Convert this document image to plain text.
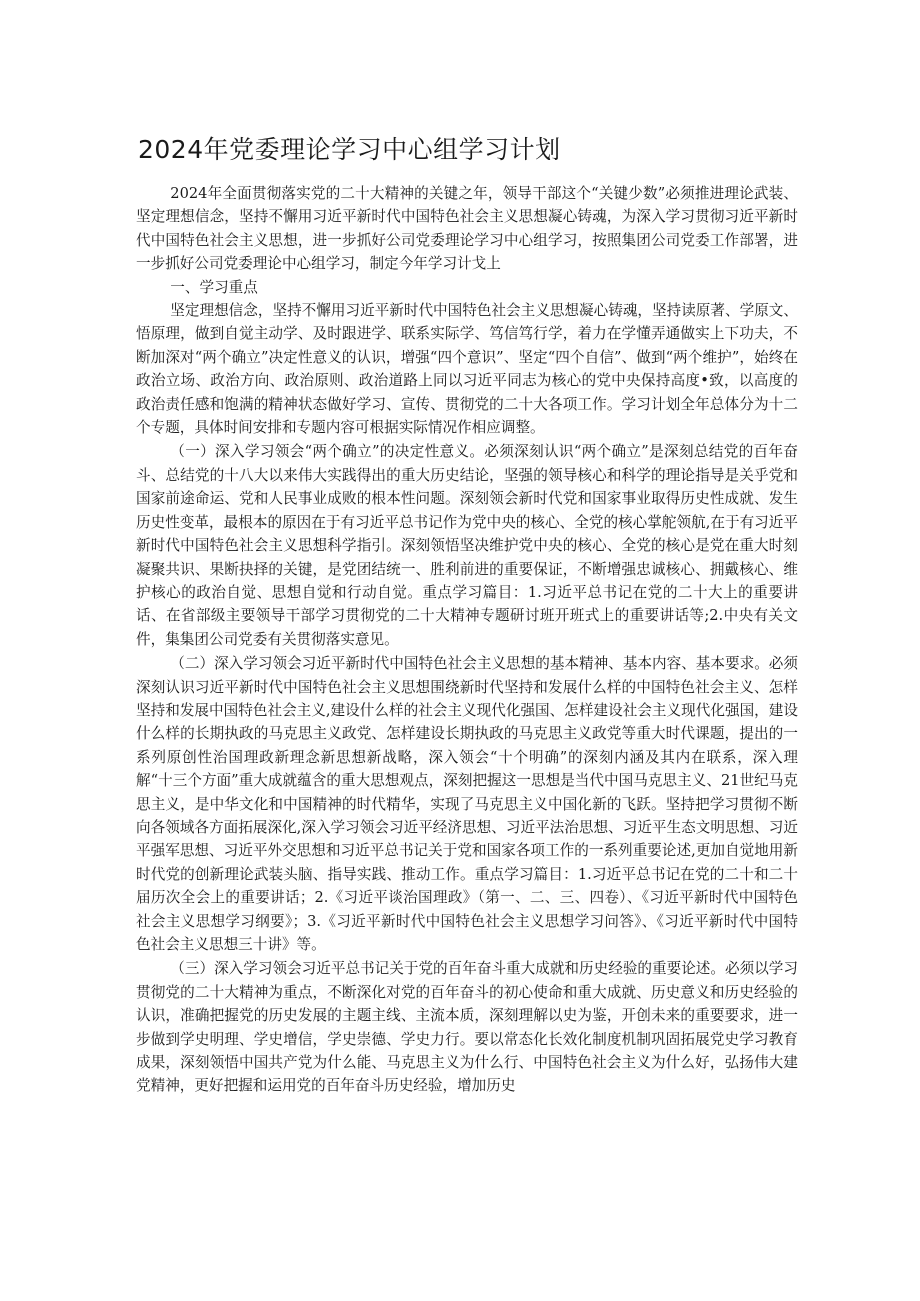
2024年党委理论学习中心组学习计划

2024年全面贯彻落实党的二十大精神的关键之年，领导干部这个“关键少数”必须推进理论武装、坚定理想信念，坚持不懈用习近平新时代中国特色社会主义思想凝心铸魂，为深入学习贯彻习近平新时代中国特色社会主义思想，进一步抓好公司党委理论学习中心组学习，按照集团公司党委工作部署，进一步抓好公司党委理论中心组学习，制定今年学习计戈上

一、学习重点

坚定理想信念，坚持不懈用习近平新时代中国特色社会主义思想凝心铸魂，坚持读原著、学原文、悟原理，做到自觉主动学、及时跟进学、联系实际学、笃信笃行学，着力在学懂弄通做实上下功夫，不断加深对“两个确立”决定性意义的认识，增强“四个意识”、坚定“四个自信”、做到“两个维护”，始终在政治立场、政治方向、政治原则、政治道路上同以习近平同志为核心的党中央保持高度•致，以高度的政治责任感和饱满的精神状态做好学习、宣传、贯彻党的二十大各项工作。学习计划全年总体分为十二个专题，具体时间安排和专题内容可根据实际情况作相应调整。

（一）深入学习领会“两个确立”的决定性意义。必须深刻认识“两个确立”是深刻总结党的百年奋斗、总结党的十八大以来伟大实践得出的重大历史结论，坚强的领导核心和科学的理论指导是关乎党和国家前途命运、党和人民事业成败的根本性问题。深刻领会新时代党和国家事业取得历史性成就、发生历史性变革，最根本的原因在于有习近平总书记作为党中央的核心、全党的核心掌舵领航,在于有习近平新时代中国特色社会主义思想科学指引。深刻领悟坚决维护党中央的核心、全党的核心是党在重大时刻凝聚共识、果断抉择的关键，是党团结统一、胜利前进的重要保证，不断增强忠诚核心、拥戴核心、维护核心的政治自觉、思想自觉和行动自觉。重点学习篇目：1.习近平总书记在党的二十大上的重要讲话、在省部级主要领导干部学习贯彻党的二十大精神专题研讨班开班式上的重要讲话等;2.中央有关文件，集集团公司党委有关贯彻落实意见。

（二）深入学习领会习近平新时代中国特色社会主义思想的基本精神、基本内容、基本要求。必须深刻认识习近平新时代中国特色社会主义思想围绕新时代坚持和发展什么样的中国特色社会主义、怎样坚持和发展中国特色社会主义,建设什么样的社会主义现代化强国、怎样建设社会主义现代化强国，建设什么样的长期执政的马克思主义政党、怎样建设长期执政的马克思主义政党等重大时代课题，提出的一系列原创性治国理政新理念新思想新战略，深入领会“十个明确”的深刻内涵及其内在联系，深入理解“十三个方面”重大成就蕴含的重大思想观点，深刻把握这一思想是当代中国马克思主义、21世纪马克思主义，是中华文化和中国精神的时代精华，实现了马克思主义中国化新的飞跃。坚持把学习贯彻不断向各领域各方面拓展深化,深入学习领会习近平经济思想、习近平法治思想、习近平生态文明思想、习近平强军思想、习近平外交思想和习近平总书记关于党和国家各项工作的一系列重要论述,更加自觉地用新时代党的创新理论武装头脑、指导实践、推动工作。重点学习篇目：1.习近平总书记在党的二十和二十届历次全会上的重要讲话；2.《习近平谈治国理政》（第一、二、三、四卷）、《习近平新时代中国特色社会主义思想学习纲要》；3.《习近平新时代中国特色社会主义思想学习问答》、《习近平新时代中国特色社会主义思想三十讲》等。

（三）深入学习领会习近平总书记关于党的百年奋斗重大成就和历史经验的重要论述。必须以学习贯彻党的二十大精神为重点，不断深化对党的百年奋斗的初心使命和重大成就、历史意义和历史经验的认识，准确把握党的历史发展的主题主线、主流本质，深刻理解以史为鉴，开创未来的重要要求，进一步做到学史明理、学史增信，学史崇德、学史力行。要以常态化长效化制度机制巩固拓展党史学习教育成果，深刻领悟中国共产党为什么能、马克思主义为什么行、中国特色社会主义为什么好，弘扬伟大建党精神，更好把握和运用党的百年奋斗历史经验，增加历史
